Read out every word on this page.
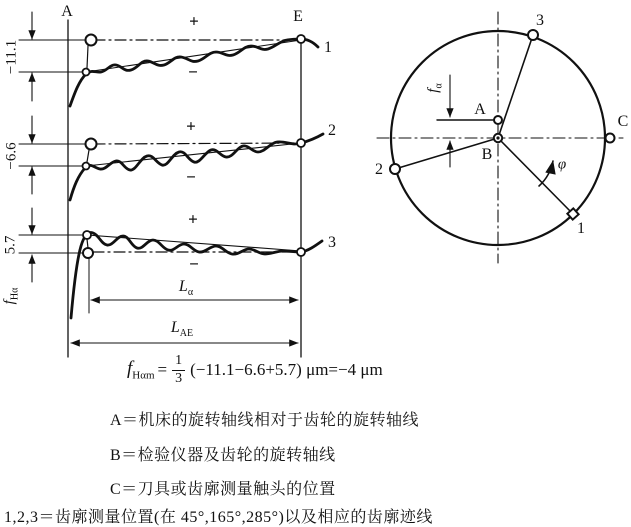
A	E
+
−
1
−11.1
+
−
2
−6.6
+
−
3
5.7
$f_{H\alpha}$	$L_\alpha$
$L_{AE}$
3
C
2
1
A
B
$f_\alpha$
φ
$f_{H\alpha m} = \frac{1}{3} (-11.1-6.6+5.7)$ μm=−4 μm
A＝机床的旋转轴线相对于齿轮的旋转轴线
B＝检验仪器及齿轮的旋转轴线
C＝刀具或齿廓测量触头的位置
1,2,3＝齿廓测量位置(在 45°,165°,285°)以及相应的齿廓迹线
